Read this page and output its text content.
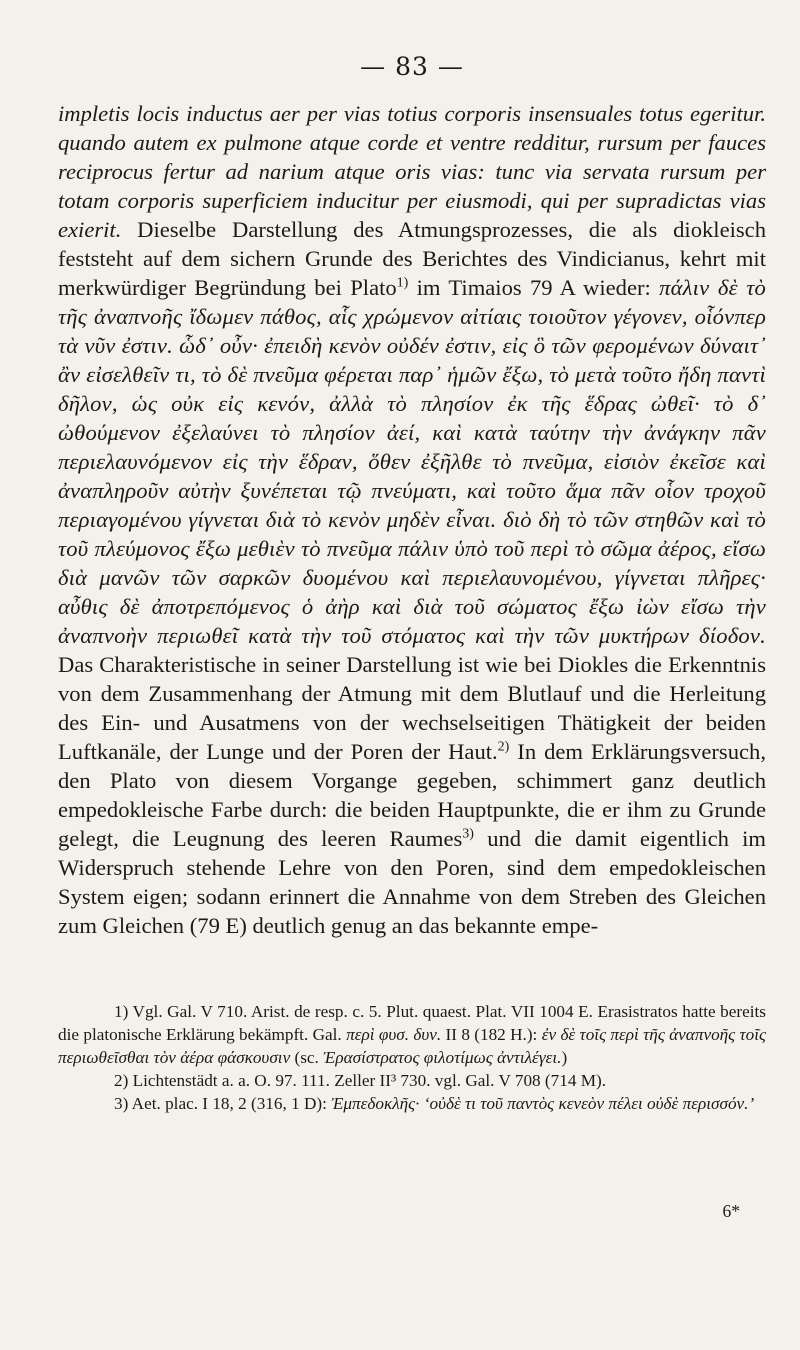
— 83 —

impletis locis inductus aer per vias totius corporis insensuales totus egeritur. quando autem ex pulmone atque corde et ventre redditur, rursum per fauces reciprocus fertur ad narium atque oris vias: tunc via servata rursum per totam corporis superficiem inducitur per eiusmodi, qui per supradictas vias exierit. Dieselbe Darstellung des Atmungsprozesses, die als diokleisch feststeht auf dem sichern Grunde des Berichtes des Vindicianus, kehrt mit merkwürdiger Begründung bei Plato$^{1)}$ im Timaios 79 A wieder: πάλιν δὲ τὸ τῆς ἀναπνοῆς ἴδωμεν πάθος, αἷς χρώμενον αἰτίαις τοιοῦτον γέγονεν, οἷόνπερ τὰ νῦν ἐστιν. ὧδ᾽ οὖν· ἐπειδὴ κενὸν οὐδέν ἐστιν, εἰς ὃ τῶν φερομένων δύναιτ᾽ ἂν εἰσελθεῖν τι, τὸ δὲ πνεῦμα φέρεται παρ᾽ ἡμῶν ἔξω, τὸ μετὰ τοῦτο ἤδη παντὶ δῆλον, ὡς οὐκ εἰς κενόν, ἀλλὰ τὸ πλησίον ἐκ τῆς ἕδρας ὠθεῖ· τὸ δ᾽ ὠθούμενον ἐξελαύνει τὸ πλησίον ἀεί, καὶ κατὰ ταύτην τὴν ἀνάγκην πᾶν περιελαυνόμενον εἰς τὴν ἕδραν, ὅθεν ἐξῆλθε τὸ πνεῦμα, εἰσιὸν ἐκεῖσε καὶ ἀναπληροῦν αὐτὴν ξυνέπεται τῷ πνεύματι, καὶ τοῦτο ἅμα πᾶν οἷον τροχοῦ περιαγομένου γίγνεται διὰ τὸ κενὸν μηδὲν εἶναι. διὸ δὴ τὸ τῶν στηθῶν καὶ τὸ τοῦ πλεύμονος ἔξω μεθιὲν τὸ πνεῦμα πάλιν ὑπὸ τοῦ περὶ τὸ σῶμα ἀέρος, εἴσω διὰ μανῶν τῶν σαρκῶν δυομένου καὶ περιελαυνομένου, γίγνεται πλῆρες· αὖθις δὲ ἀποτρεπόμενος ὁ ἀὴρ καὶ διὰ τοῦ σώματος ἔξω ἰὼν εἴσω τὴν ἀναπνοὴν περιωθεῖ κατὰ τὴν τοῦ στόματος καὶ τὴν τῶν μυκτήρων δίοδον. Das Charakteristische in seiner Darstellung ist wie bei Diokles die Erkenntnis von dem Zusammenhang der Atmung mit dem Blutlauf und die Herleitung des Ein- und Ausatmens von der wechselseitigen Thätigkeit der beiden Luftkanäle, der Lunge und der Poren der Haut.$^{2)}$ In dem Erklärungsversuch, den Plato von diesem Vorgange gegeben, schimmert ganz deutlich empedokleische Farbe durch: die beiden Hauptpunkte, die er ihm zu Grunde gelegt, die Leugnung des leeren Raumes$^{3)}$ und die damit eigentlich im Widerspruch stehende Lehre von den Poren, sind dem empedokleischen System eigen; sodann erinnert die Annahme von dem Streben des Gleichen zum Gleichen (79 E) deutlich genug an das bekannte empe-

1) Vgl. Gal. V 710. Arist. de resp. c. 5. Plut. quaest. Plat. VII 1004 E. Erasistratos hatte bereits die platonische Erklärung bekämpft. Gal. περὶ φυσ. δυν. II 8 (182 H.): ἐν δὲ τοῖς περὶ τῆς ἀναπνοῆς τοῖς περιωθεῖσθαι τὸν ἀέρα φάσκουσιν (sc. Ἐρασίστρατος φιλοτίμως ἀντιλέγει.)

2) Lichtenstädt a. a. O. 97. 111. Zeller II³ 730. vgl. Gal. V 708 (714 M).

3) Aet. plac. I 18, 2 (316, 1 D): Ἐμπεδοκλῆς· ‘οὐδὲ τι τοῦ παντὸς κενεὸν πέλει οὐδὲ περισσόν.’

6*
